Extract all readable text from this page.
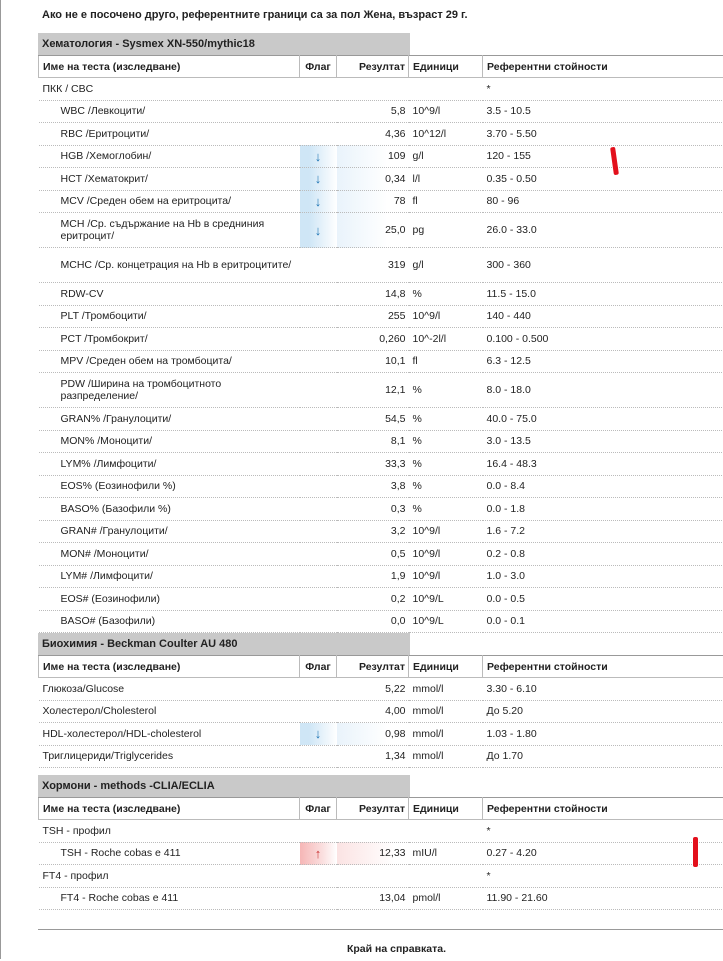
Ако не е посочено друго, референтните граници са за пол Жена, възраст 29 г.
Хематология - Sysmex XN-550/mythic18
Име на теста (изследване)	Флаг	Резултат	Единици	Референтни стойности
ПКК / CBC				*
WBC /Левкоцити/		5,8	10^9/l	3.5 - 10.5
RBC /Еритроцити/		4,36	10^12/l	3.70 - 5.50
HGB /Хемоглобин/	↓	109	g/l	120 - 155
HCT /Хематокрит/	↓	0,34	l/l	0.35 - 0.50
MCV /Среден обем на еритроцита/	↓	78	fl	80 - 96
MCH /Ср. съдържание на Hb в средниния еритроцит/	↓	25,0	pg	26.0 - 33.0
MCHC /Ср. концетрация на Hb в еритроцитите/		319	g/l	300 - 360
RDW-CV		14,8	%	11.5 - 15.0
PLT /Тромбоцити/		255	10^9/l	140 - 440
PCT /Тромбокрит/		0,260	10^-2l/l	0.100 - 0.500
MPV /Среден обем на тромбоцита/		10,1	fl	6.3 - 12.5
PDW /Ширина на тромбоцитното разпределение/		12,1	%	8.0 - 18.0
GRAN% /Гранулоцити/		54,5	%	40.0 - 75.0
MON% /Моноцити/		8,1	%	3.0 - 13.5
LYM% /Лимфоцити/		33,3	%	16.4 - 48.3
EOS% (Еозинофили %)		3,8	%	0.0 - 8.4
BASO% (Базофили %)		0,3	%	0.0 - 1.8
GRAN# /Гранулоцити/		3,2	10^9/l	1.6 - 7.2
MON# /Моноцити/		0,5	10^9/l	0.2 - 0.8
LYM# /Лимфоцити/		1,9	10^9/l	1.0 - 3.0
EOS# (Еозинофили)		0,2	10^9/L	0.0 - 0.5
BASO# (Базофили)		0,0	10^9/L	0.0 - 0.1
Биохимия - Beckman Coulter AU 480
Име на теста (изследване)	Флаг	Резултат	Единици	Референтни стойности
Глюкоза/Glucose		5,22	mmol/l	3.30 - 6.10
Холестерол/Cholesterol		4,00	mmol/l	До 5.20
HDL-холестерол/HDL-cholesterol	↓	0,98	mmol/l	1.03 - 1.80
Триглицериди/Triglycerides		1,34	mmol/l	До 1.70
Хормони - methods -CLIA/ECLIA
Име на теста (изследване)	Флаг	Резултат	Единици	Референтни стойности
TSH - профил				*
TSH - Roche cobas e 411	↑	12,33	mIU/l	0.27 - 4.20
FT4 - профил				*
FT4 - Roche cobas e 411		13,04	pmol/l	11.90 - 21.60
Край на справката.
